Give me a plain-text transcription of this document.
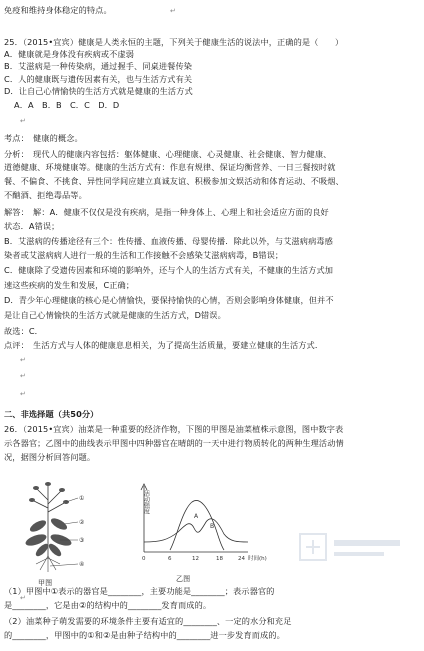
免疫和维持身体稳定的特点。	↵
25．（2015•宜宾）健康是人类永恒的主题，下列关于健康生活的说法中，正确的是（　　）
A．健康就是身体没有疾病或不虚弱
B．艾滋病是一种传染病，通过握手、同桌进餐传染
C．人的健康既与遗传因素有关，也与生活方式有关
D．让自己心情愉快的生活方式就是健康的生活方式
A．A　B．B　C．C　D．D
↵
考点：　健康的概念。
分析：　现代人的健康内容包括：躯体健康、心理健康、心灵健康、社会健康、智力健康、
道德健康、环境健康等。健康的生活方式有：作息有规律、保证均衡营养、一日三餐按时就
餐、不偏食、不挑食、异性同学间应建立真诚友谊、积极参加文娱活动和体育运动、不吸烟、
不酗酒、拒绝毒品等。
解答：　解：A．健康不仅仅是没有疾病，是指一种身体上、心理上和社会适应方面的良好
状态．A错误；
B．艾滋病的传播途径有三个：性传播、血液传播、母婴传播．除此以外，与艾滋病病毒感
染者或艾滋病病人进行一般的生活和工作接触不会感染艾滋病病毒，B错误；
C．健康除了受遗传因素和环境的影响外，还与个人的生活方式有关，不健康的生活方式加
速这些疾病的发生和发展，C正确；
D．青少年心理健康的核心是心情愉快，要保持愉快的心情，否则会影响身体健康，但并不
是让自己心情愉快的生活方式就是健康的生活方式，D错误。
故选：C．
点评：　生活方式与人体的健康息息相关，为了提高生活质量，要建立健康的生活方式．
↵
↵
↵
二、非选择题（共50分）
26．（2015•宜宾）油菜是一种重要的经济作物，下图的甲图是油菜植株示意图，图中数字表
示各器官；乙图中的曲线表示甲图中四种器官在晴朗的一天中进行物质转化的两种生理活动情
况，据图分析回答问题。
①
②
③
④
甲图
活动强度
A
B
0	6	12	18	24 时间(h)
乙图
↵
（1）甲图中①表示的器官是________，主要功能是________；表示器官的
是________，它是由②的结构中的________发育而成的。
（2）油菜种子萌发需要的环境条件主要有适宜的________、一定的水分和充足
的________，甲图中的①和②是由种子结构中的________进一步发育而成的。
